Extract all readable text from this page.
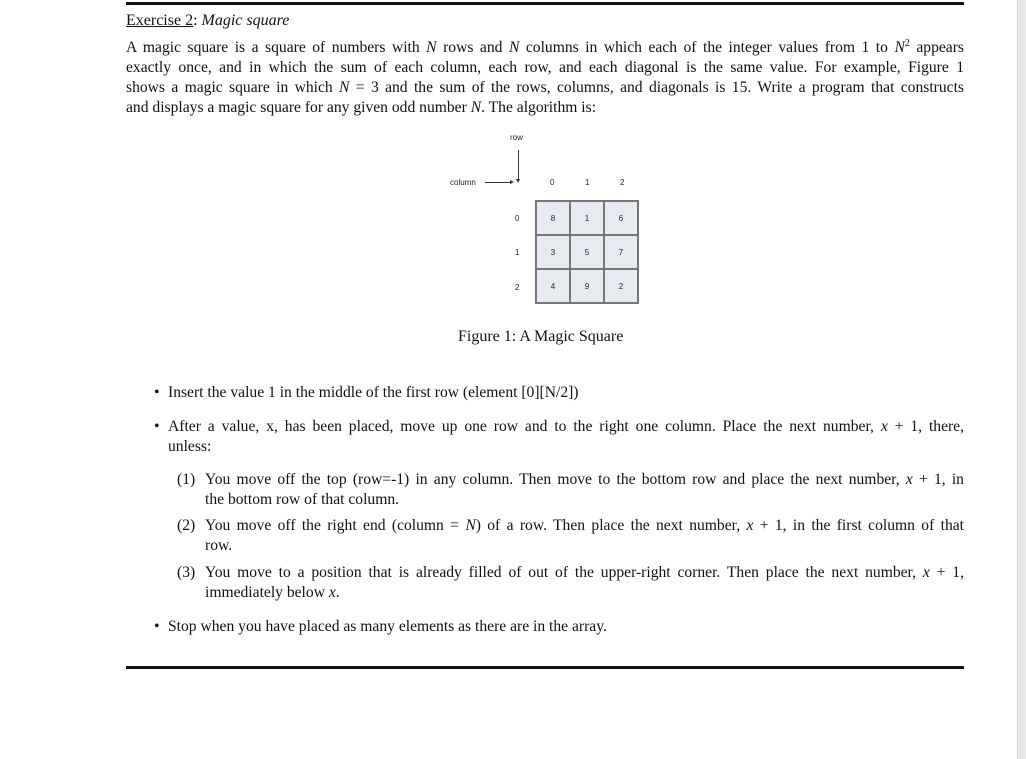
Exercise 2: Magic square
A magic square is a square of numbers with N rows and N columns in which each of the integer values from 1 to $N^2$ appears
exactly once, and in which the sum of each column, each row, and each diagonal is the same value. For example, Figure 1
shows a magic square in which N = 3 and the sum of the rows, columns, and diagonals is 15. Write a program that constructs
and displays a magic square for any given odd number N. The algorithm is:
row
column	0	1	2
0
1
2
8	1	6
3	5	7
4	9	2
Figure 1: A Magic Square
• Insert the value 1 in the middle of the first row (element [0][N/2])
• After a value, x, has been placed, move up one row and to the right one column. Place the next number, x + 1, there,
unless:
(1) You move off the top (row=-1) in any column. Then move to the bottom row and place the next number, x + 1, in
the bottom row of that column.
(2) You move off the right end (column = N) of a row. Then place the next number, x + 1, in the first column of that
row.
(3) You move to a position that is already filled of out of the upper-right corner. Then place the next number, x + 1,
immediately below x.
• Stop when you have placed as many elements as there are in the array.
